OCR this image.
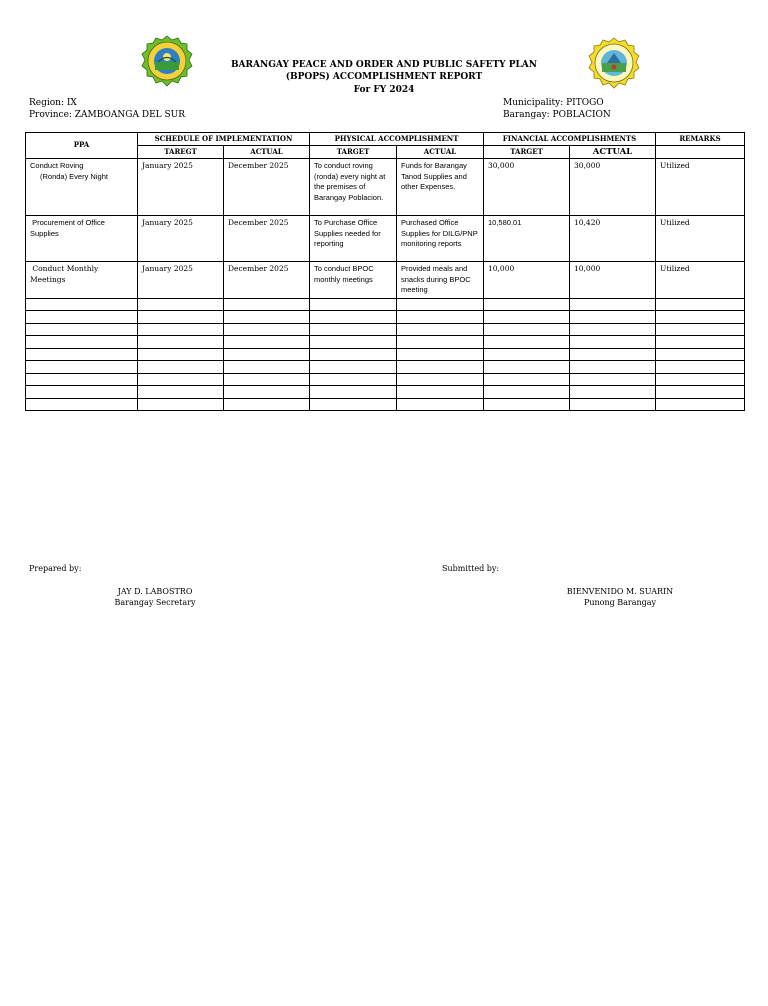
BARANGAY PEACE AND ORDER AND PUBLIC SAFETY PLAN
(BPOPS) ACCOMPLISHMENT REPORT
For FY 2024
Region: IX
Province: ZAMBOANGA DEL SUR
Municipality: PITOGO
Barangay: POBLACION
PPA	SCHEDULE OF IMPLEMENTATION		PHYSICAL ACCOMPLISHMENT		FINANCIAL ACCOMPLISHMENTS		REMARKS
	TAREGT	ACTUAL	TARGET	ACTUAL	TARGET	ACTUAL	

Conduct Roving
(Ronda) Every Night	January 2025	December 2025	To conduct roving (ronda) every night at the premises of Barangay Poblacion.	Funds for Barangay Tanod Supplies and other Expenses.	30,000	30,000	Utilized

Procurement of Office
Supplies	January 2025	December 2025	To Purchase Office Supplies needed for reporting	Purchased Office Supplies for DILG/PNP monitoring reports	10,580.01	10,420	Utilized

Conduct Monthly
Meetings	January 2025	December 2025	To conduct BPOC monthly meetings	Provided meals and snacks during BPOC meeting	10,000	10,000	Utilized

Prepared by:	Submitted by:
JAY D. LABOSTRO
Barangay Secretary
BIENVENIDO M. SUARIN
Punong Barangay
